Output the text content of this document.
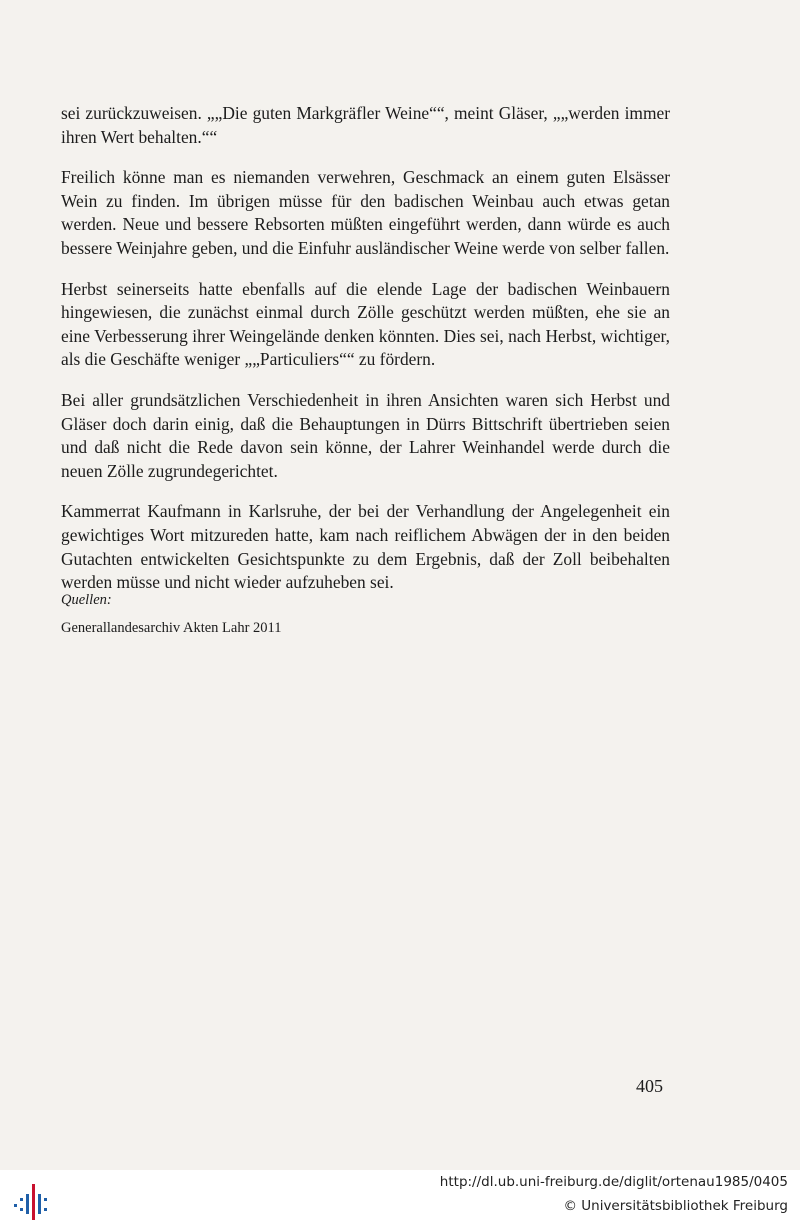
sei zurückzuweisen. „„Die guten Markgräfler Weine““, meint Gläser, „„werden immer ihren Wert behalten.““

Freilich könne man es niemanden verwehren, Geschmack an einem guten Elsässer Wein zu finden. Im übrigen müsse für den badischen Weinbau auch etwas getan werden. Neue und bessere Rebsorten müßten eingeführt werden, dann würde es auch bessere Weinjahre geben, und die Einfuhr ausländischer Weine werde von selber fallen.

Herbst seinerseits hatte ebenfalls auf die elende Lage der badischen Weinbauern hingewiesen, die zunächst einmal durch Zölle geschützt werden müßten, ehe sie an eine Verbesserung ihrer Weingelände denken könnten. Dies sei, nach Herbst, wichtiger, als die Geschäfte weniger „„Particuliers““ zu fördern.

Bei aller grundsätzlichen Verschiedenheit in ihren Ansichten waren sich Herbst und Gläser doch darin einig, daß die Behauptungen in Dürrs Bittschrift übertrieben seien und daß nicht die Rede davon sein könne, der Lahrer Weinhandel werde durch die neuen Zölle zugrundegerichtet.

Kammerrat Kaufmann in Karlsruhe, der bei der Verhandlung der Angelegenheit ein gewichtiges Wort mitzureden hatte, kam nach reiflichem Abwägen der in den beiden Gutachten entwickelten Gesichtspunkte zu dem Ergebnis, daß der Zoll beibehalten werden müsse und nicht wieder aufzuheben sei.

Quellen:

Generallandesarchiv Akten Lahr 2011

405

http://dl.ub.uni-freiburg.de/diglit/ortenau1985/0405
© Universitätsbibliothek Freiburg
